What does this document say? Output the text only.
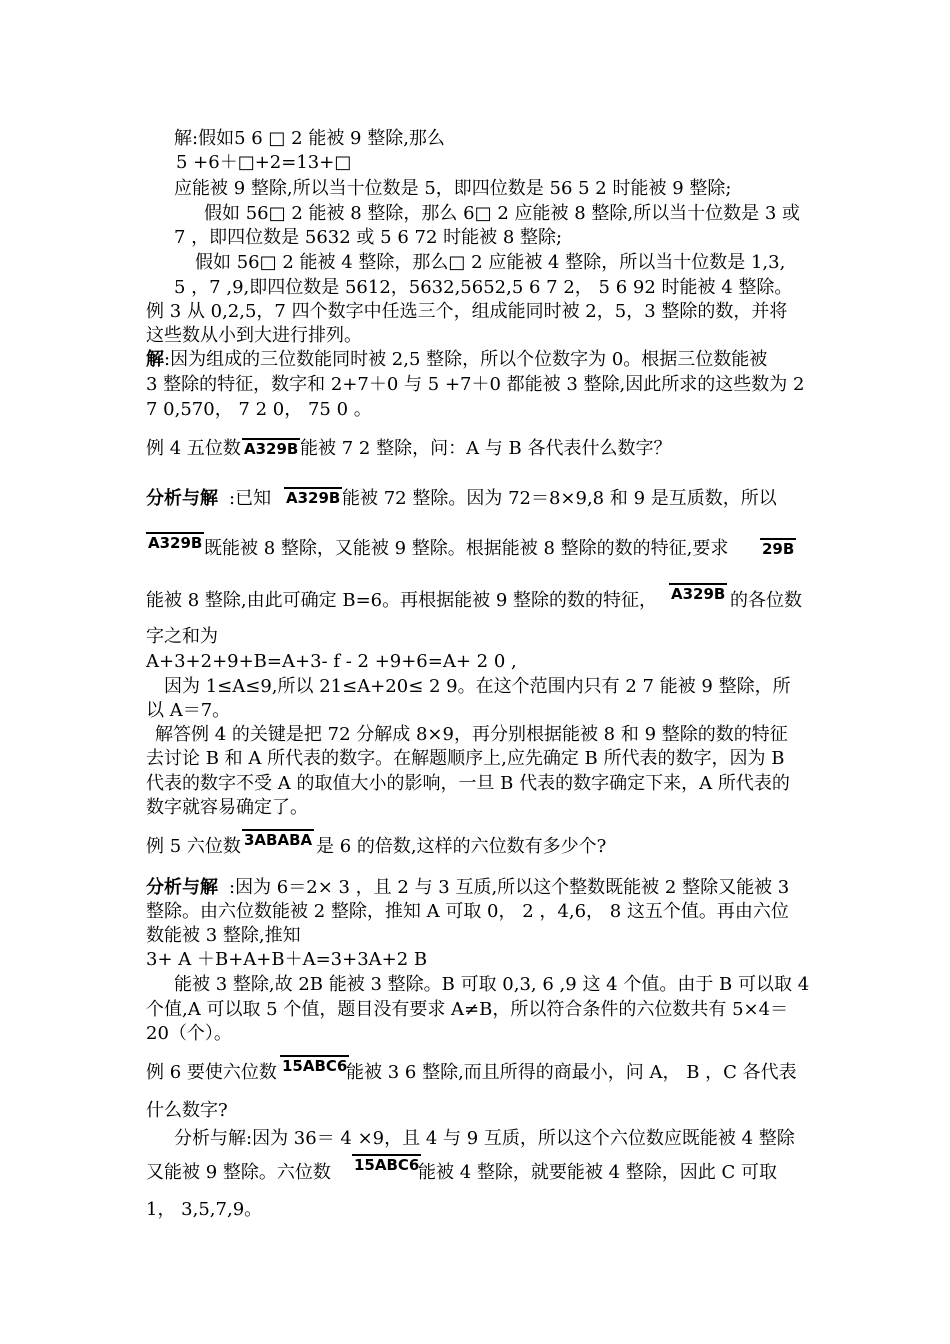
解:假如5 6 □ 2 能被 9 整除,那么
5 +6＋□+2=13+□
应能被 9 整除,所以当十位数是 5，即四位数是 56 5 2 时能被 9 整除;
假如 56□ 2 能被 8 整除，那么 6□ 2 应能被 8 整除,所以当十位数是 3 或
7 ，即四位数是 5632 或 5 6 72 时能被 8 整除;
假如 56□ 2 能被 4 整除，那么□ 2 应能被 4 整除，所以当十位数是 1,3,
5 ，7 ,9,即四位数是 5612，5632,5652,5 6 7 2， 5 6 92 时能被 4 整除。
例 3 从 0,2,5，7 四个数字中任选三个，组成能同时被 2，5，3 整除的数，并将
这些数从小到大进行排列。
解 :因为组成的三位数能同时被 2,5 整除，所以个位数字为 0。根据三位数能被
3 整除的特征，数字和 2+7＋0 与 5 +7＋0 都能被 3 整除,因此所求的这些数为 2
7 0,570， 7 2 0， 75 0 。
例 4 五位数 A329B 能被 7 2 整除，问：A 与 B 各代表什么数字？
分析与解 :已知 A329B 能被 72 整除。因为 72＝8×9,8 和 9 是互质数，所以
A329B 既能被 8 整除，又能被 9 整除。根据能被 8 整除的数的特征,要求 29B
能被 8 整除,由此可确定 B=6。再根据能被 9 整除的数的特征， A329B 的各位数
字之和为
A+3+2+9+B=A+3- f - 2 +9+6=A+ 2 0 ,
因为 1≤A≤9,所以 21≤A+20≤ 2 9。在这个范围内只有 2 7 能被 9 整除，所
以 A＝7。
解答例 4 的关键是把 72 分解成 8×9，再分别根据能被 8 和 9 整除的数的特征
去讨论 B 和 A 所代表的数字。在解题顺序上,应先确定 B 所代表的数字，因为 B
代表的数字不受 A 的取值大小的影响，一旦 B 代表的数字确定下来，A 所代表的
数字就容易确定了。
例 5 六位数 3ABABA 是 6 的倍数,这样的六位数有多少个?
分析与解 :因为 6＝2× 3 ，且 2 与 3 互质,所以这个整数既能被 2 整除又能被 3
整除。由六位数能被 2 整除，推知 A 可取 0， 2 ，4,6， 8 这五个值。再由六位
数能被 3 整除,推知
3+ A ＋B+A+B＋A=3+3A+2 B
能被 3 整除,故 2B 能被 3 整除。B 可取 0,3, 6 ,9 这 4 个值。由于 B 可以取 4
个值,A 可以取 5 个值，题目没有要求 A≠B，所以符合条件的六位数共有 5×4＝
20（个）。
例 6 要使六位数 15ABC6
能被 3 6 整除,而且所得的商最小，问 A， B ，C 各代表
什么数字?
分析与解:因为 36＝ 4 ×9，且 4 与 9 互质，所以这个六位数应既能被 4 整除
又能被 9 整除。六位数 15ABC6
能被 4 整除，就要能被 4 整除，因此 C 可取
1， 3,5,7,9。
